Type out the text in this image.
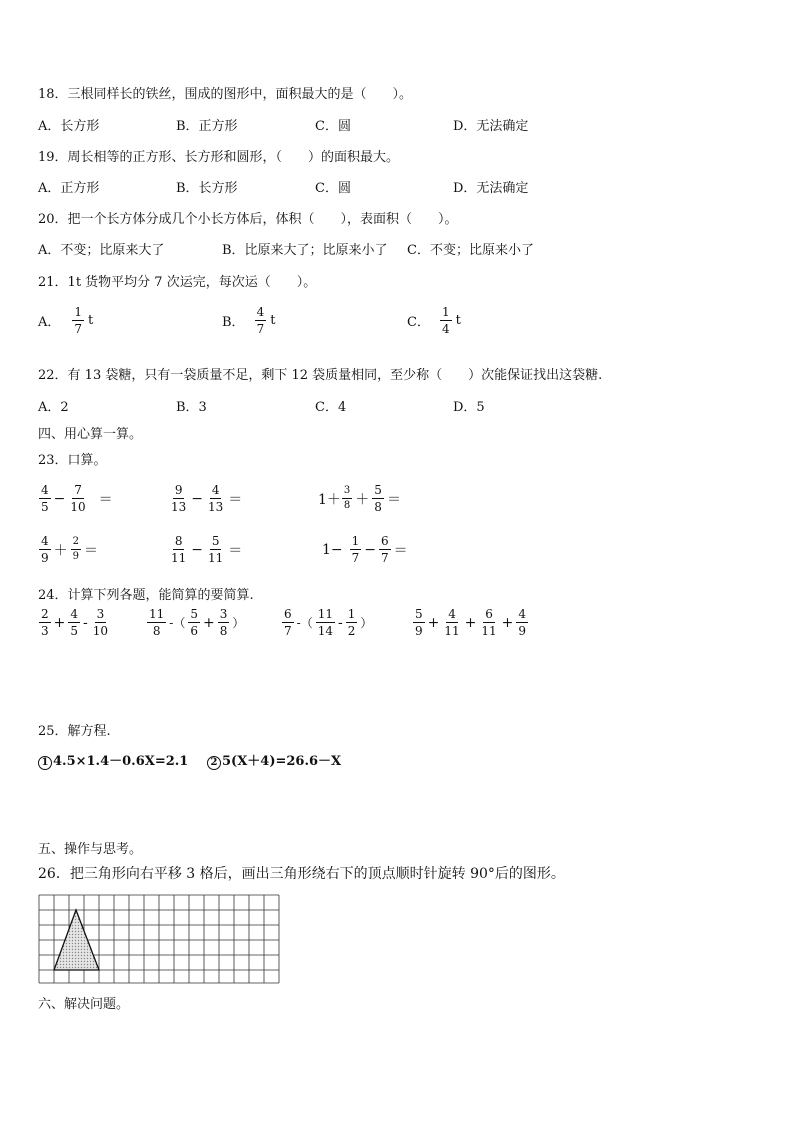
18．三根同样长的铁丝，围成的图形中，面积最大的是（　　）。
A．长方形	B．正方形	C．圆	D．无法确定
19．周长相等的正方形、长方形和圆形，（　　）的面积最大。
A．正方形	B．长方形	C．圆	D．无法确定
20．把一个长方体分成几个小长方体后，体积（　　），表面积（　　）。
A．不变；比原来大了	B．比原来大了；比原来小了 C．不变；比原来小了
21．1t 货物平均分 7 次运完，每次运（　　）。
A． $\frac{1}{7}$ t	B． $\frac{4}{7}$ t	C． $\frac{1}{4}$ t
22．有 13 袋糖，只有一袋质量不足，剩下 12 袋质量相同，至少称（　　）次能保证找出这袋糖.
A．2	B．3	C．4	D．5
四、用心算一算。
23．口算。
$\frac{4}{5} - \frac{7}{10}$ ＝	$\frac{9}{13} - \frac{4}{13}$ ＝	$1+ \frac{3}{8} + \frac{5}{8}$ ＝
$\frac{4}{9} + \frac{2}{9}$ ＝	$\frac{8}{11} - \frac{5}{11}$ ＝	$1- \frac{1}{7} - \frac{6}{7}$ ＝
24．计算下列各题，能简算的要简算.
$\frac{2}{3} + \frac{4}{5} - \frac{3}{10}$	$\frac{11}{8}$ -（ $\frac{5}{6} + \frac{3}{8}$ ）	$\frac{6}{7}$ -（ $\frac{11}{14} - \frac{1}{2}$ ）	$\frac{5}{9} + \frac{4}{11} + \frac{6}{11} + \frac{4}{9}$
25．解方程.
1 4.5×1.4－0.6X=2.1	2 5(X＋4)=26.6－X
五、操作与思考。
26．把三角形向右平移 3 格后，画出三角形绕右下的顶点顺时针旋转 90°后的图形。
六、解决问题。
